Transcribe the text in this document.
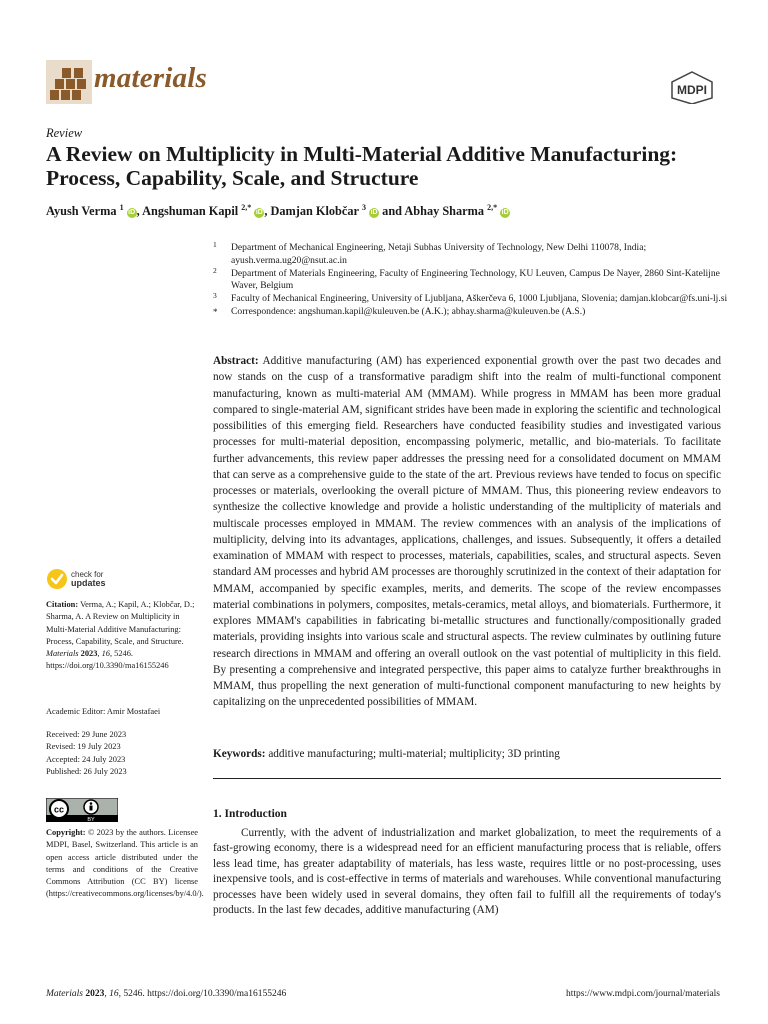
materials	MDPI
Review
A Review on Multiplicity in Multi-Material Additive Manufacturing: Process, Capability, Scale, and Structure
Ayush Verma $^1$ iD , Angshuman Kapil $^{2,*}$ iD , Damjan Klobčar $^3$ iD and Abhay Sharma $^{2,*}$ iD
1 Department of Mechanical Engineering, Netaji Subhas University of Technology, New Delhi 110078, India; ayush.verma.ug20@nsut.ac.in
2 Department of Materials Engineering, Faculty of Engineering Technology, KU Leuven, Campus De Nayer, 2860 Sint-Katelijne Waver, Belgium
3 Faculty of Mechanical Engineering, University of Ljubljana, Aškerčeva 6, 1000 Ljubljana, Slovenia; damjan.klobcar@fs.uni-lj.si
* Correspondence: angshuman.kapil@kuleuven.be (A.K.); abhay.sharma@kuleuven.be (A.S.)
Abstract: Additive manufacturing (AM) has experienced exponential growth over the past two decades and now stands on the cusp of a transformative paradigm shift into the realm of multi-functional component manufacturing, known as multi-material AM (MMAM). While progress in MMAM has been more gradual compared to single-material AM, significant strides have been made in exploring the scientific and technological possibilities of this emerging field. Researchers have conducted feasibility studies and investigated various processes for multi-material deposition, encompassing polymeric, metallic, and bio-materials. To facilitate further advancements, this review paper addresses the pressing need for a consolidated document on MMAM that can serve as a comprehensive guide to the state of the art. Previous reviews have tended to focus on specific processes or materials, overlooking the overall picture of MMAM. Thus, this pioneering review endeavors to synthesize the collective knowledge and provide a holistic understanding of the multiplicity of materials and multiscale processes employed in MMAM. The review commences with an analysis of the implications of multiplicity, delving into its advantages, applications, challenges, and issues. Subsequently, it offers a detailed examination of MMAM with respect to processes, materials, capabilities, scales, and structural aspects. Seven standard AM processes and hybrid AM processes are thoroughly scrutinized in the context of their adaptation for MMAM, accompanied by specific examples, merits, and demerits. The scope of the review encompasses material combinations in polymers, composites, metals-ceramics, metal alloys, and biomaterials. Furthermore, it explores MMAM's capabilities in fabricating bi-metallic structures and functionally/compositionally graded materials, providing insights into various scale and structural aspects. The review culminates by outlining future research directions in MMAM and offering an overall outlook on the vast potential of multiplicity in this field. By presenting a comprehensive and integrated perspective, this paper aims to catalyze further breakthroughs in MMAM, thus propelling the next generation of multi-functional component manufacturing to new heights by capitalizing on the unprecedented possibilities of MMAM.
Keywords: additive manufacturing; multi-material; multiplicity; 3D printing
1. Introduction
Currently, with the advent of industrialization and market globalization, to meet the requirements of a fast-growing economy, there is a widespread need for an efficient manufacturing process that is reliable, offers less lead time, has greater adaptability of materials, has less waste, requires little or no post-processing, uses inexpensive tools, and is cost-effective in terms of materials and warehouses. While conventional manufacturing processes have been widely used in several domains, they often fail to fulfill all the requirements of today's products. In the last few decades, additive manufacturing (AM)
check for
updates
Citation: Verma, A.; Kapil, A.; Klobčar, D.; Sharma, A. A Review on Multiplicity in Multi-Material Additive Manufacturing: Process, Capability, Scale, and Structure. Materials 2023, 16, 5246. https://doi.org/10.3390/ma16155246
Academic Editor: Amir Mostafaei
Received: 29 June 2023
Revised: 19 July 2023
Accepted: 24 July 2023
Published: 26 July 2023
cc
BY
Copyright: © 2023 by the authors. Licensee MDPI, Basel, Switzerland. This article is an open access article distributed under the terms and conditions of the Creative Commons Attribution (CC BY) license (https://creativecommons.org/licenses/by/4.0/).
Materials 2023, 16, 5246. https://doi.org/10.3390/ma16155246	https://www.mdpi.com/journal/materials
